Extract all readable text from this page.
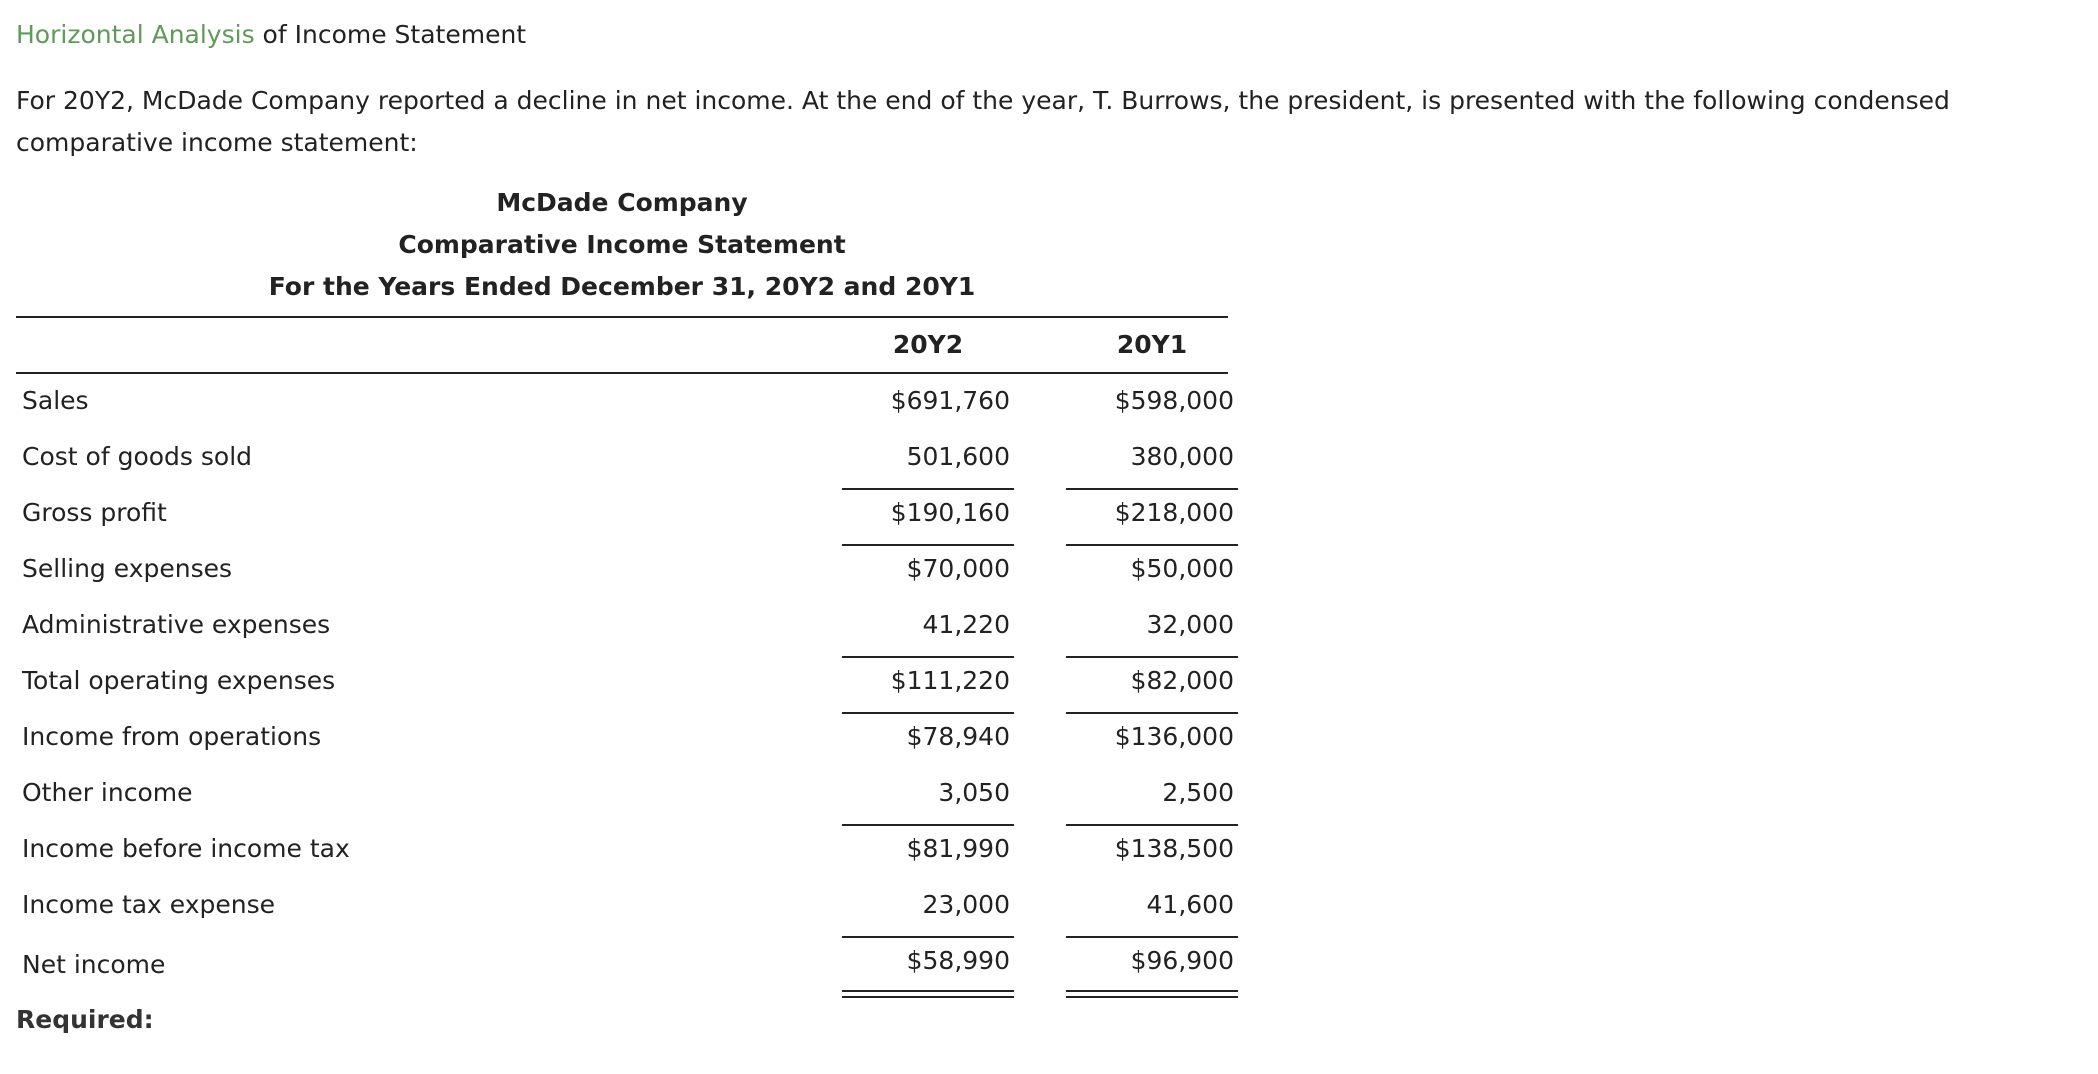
Horizontal Analysis of Income Statement
For 20Y2, McDade Company reported a decline in net income. At the end of the year, T. Burrows, the president, is presented with the following condensed comparative income statement:
McDade Company
Comparative Income Statement
For the Years Ended December 31, 20Y2 and 20Y1
20Y2	20Y1
Sales	$691,760	$598,000
Cost of goods sold	501,600	380,000
Gross profit	$190,160	$218,000
Selling expenses	$70,000	$50,000
Administrative expenses	41,220	32,000
Total operating expenses	$111,220	$82,000
Income from operations	$78,940	$136,000
Other income	3,050	2,500
Income before income tax	$81,990	$138,500
Income tax expense	23,000	41,600
Net income	$58,990	$96,900
Required:
